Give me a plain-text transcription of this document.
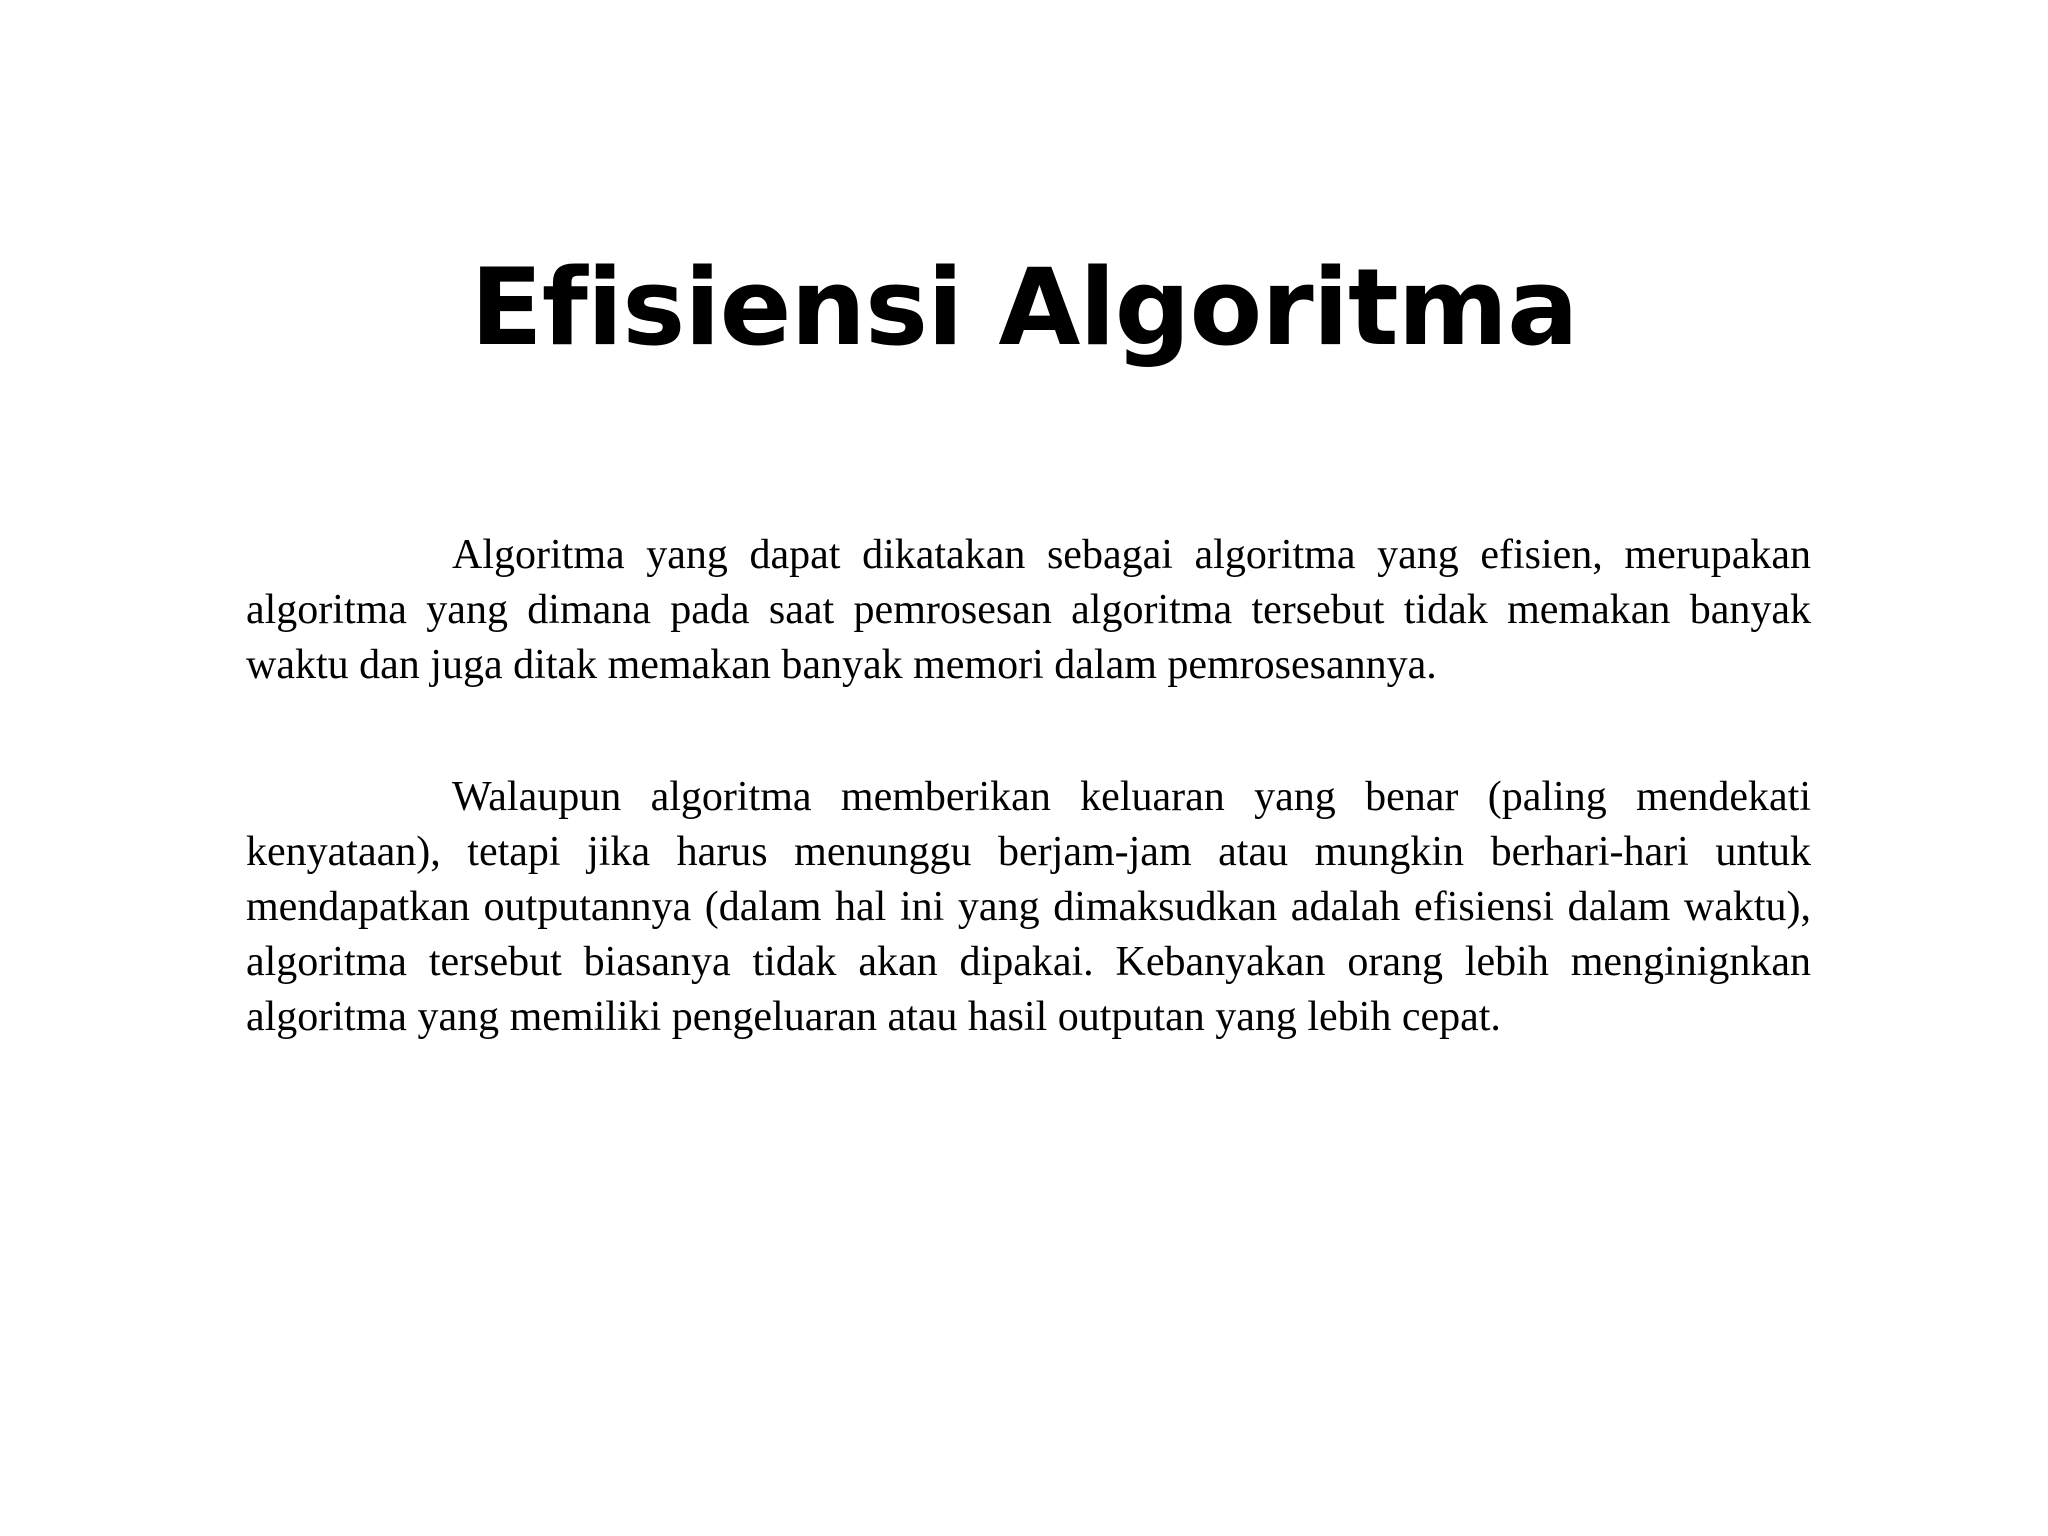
Efisiensi Algoritma

Algoritma yang dapat dikatakan sebagai algoritma yang efisien, merupakan algoritma yang dimana pada saat pemrosesan algoritma tersebut tidak memakan banyak waktu dan juga ditak memakan banyak memori dalam pemrosesannya.

Walaupun algoritma memberikan keluaran yang benar (paling mendekati kenyataan), tetapi jika harus menunggu berjam-jam atau mungkin berhari-hari untuk mendapatkan outputannya (dalam hal ini yang dimaksudkan adalah efisiensi dalam waktu), algoritma tersebut biasanya tidak akan dipakai. Kebanyakan orang lebih menginignkan algoritma yang memiliki pengeluaran atau hasil outputan yang lebih cepat.
